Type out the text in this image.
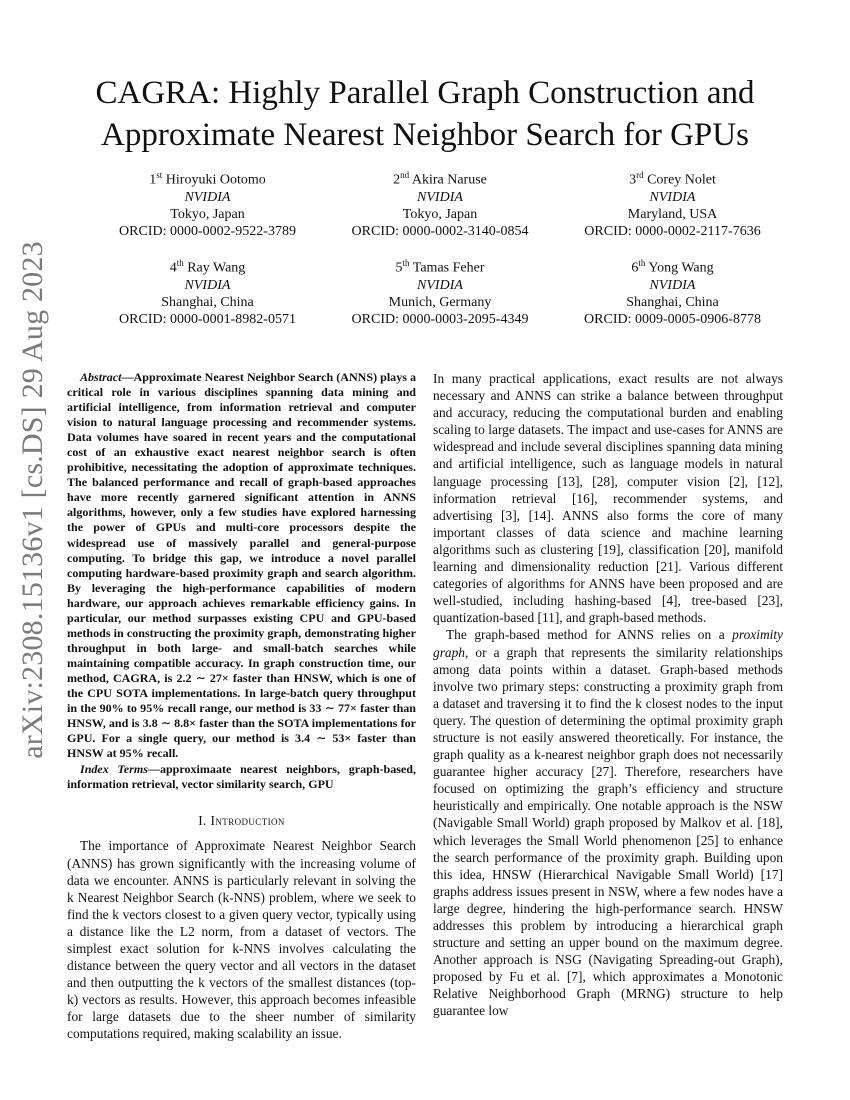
arXiv:2308.15136v1 [cs.DS] 29 Aug 2023
CAGRA: Highly Parallel Graph Construction and
Approximate Nearest Neighbor Search for GPUs
1st Hiroyuki Ootomo
NVIDIA
Tokyo, Japan
ORCID: 0000-0002-9522-3789
2nd Akira Naruse
NVIDIA
Tokyo, Japan
ORCID: 0000-0002-3140-0854
3rd Corey Nolet
NVIDIA
Maryland, USA
ORCID: 0000-0002-2117-7636
4th Ray Wang
NVIDIA
Shanghai, China
ORCID: 0000-0001-8982-0571
5th Tamas Feher
NVIDIA
Munich, Germany
ORCID: 0000-0003-2095-4349
6th Yong Wang
NVIDIA
Shanghai, China
ORCID: 0009-0005-0906-8778

Abstract—Approximate Nearest Neighbor Search (ANNS) plays a critical role in various disciplines spanning data mining and artificial intelligence, from information retrieval and computer vision to natural language processing and recommender systems. Data volumes have soared in recent years and the computational cost of an exhaustive exact nearest neighbor search is often prohibitive, necessitating the adoption of approximate techniques. The balanced performance and recall of graph-based approaches have more recently garnered significant attention in ANNS algorithms, however, only a few studies have explored harnessing the power of GPUs and multi-core processors despite the widespread use of massively parallel and general-purpose computing. To bridge this gap, we introduce a novel parallel computing hardware-based proximity graph and search algorithm. By leveraging the high-performance capabilities of modern hardware, our approach achieves remarkable efficiency gains. In particular, our method surpasses existing CPU and GPU-based methods in constructing the proximity graph, demonstrating higher throughput in both large- and small-batch searches while maintaining compatible accuracy. In graph construction time, our method, CAGRA, is 2.2 ∼ 27× faster than HNSW, which is one of the CPU SOTA implementations. In large-batch query throughput in the 90% to 95% recall range, our method is 33 ∼ 77× faster than HNSW, and is 3.8 ∼ 8.8× faster than the SOTA implementations for GPU. For a single query, our method is 3.4 ∼ 53× faster than HNSW at 95% recall.

Index Terms—approximaate nearest neighbors, graph-based, information retrieval, vector similarity search, GPU

I. Introduction

The importance of Approximate Nearest Neighbor Search (ANNS) has grown significantly with the increasing volume of data we encounter. ANNS is particularly relevant in solving the k Nearest Neighbor Search (k-NNS) problem, where we seek to find the k vectors closest to a given query vector, typically using a distance like the L2 norm, from a dataset of vectors. The simplest exact solution for k-NNS involves calculating the distance between the query vector and all vectors in the dataset and then outputting the k vectors of the smallest distances (top-k) vectors as results. However, this approach becomes infeasible for large datasets due to the sheer number of similarity computations required, making scalability an issue.

In many practical applications, exact results are not always necessary and ANNS can strike a balance between throughput and accuracy, reducing the computational burden and enabling scaling to large datasets. The impact and use-cases for ANNS are widespread and include several disciplines spanning data mining and artificial intelligence, such as language models in natural language processing [13], [28], computer vision [2], [12], information retrieval [16], recommender systems, and advertising [3], [14]. ANNS also forms the core of many important classes of data science and machine learning algorithms such as clustering [19], classification [20], manifold learning and dimensionality reduction [21]. Various different categories of algorithms for ANNS have been proposed and are well-studied, including hashing-based [4], tree-based [23], quantization-based [11], and graph-based methods.

The graph-based method for ANNS relies on a proximity graph, or a graph that represents the similarity relationships among data points within a dataset. Graph-based methods involve two primary steps: constructing a proximity graph from a dataset and traversing it to find the k closest nodes to the input query. The question of determining the optimal proximity graph structure is not easily answered theoretically. For instance, the graph quality as a k-nearest neighbor graph does not necessarily guarantee higher accuracy [27]. Therefore, researchers have focused on optimizing the graph’s efficiency and structure heuristically and empirically. One notable approach is the NSW (Navigable Small World) graph proposed by Malkov et al. [18], which leverages the Small World phenomenon [25] to enhance the search performance of the proximity graph. Building upon this idea, HNSW (Hierarchical Navigable Small World) [17] graphs address issues present in NSW, where a few nodes have a large degree, hindering the high-performance search. HNSW addresses this problem by introducing a hierarchical graph structure and setting an upper bound on the maximum degree. Another approach is NSG (Navigating Spreading-out Graph), proposed by Fu et al. [7], which approximates a Monotonic Relative Neighborhood Graph (MRNG) structure to help guarantee low
